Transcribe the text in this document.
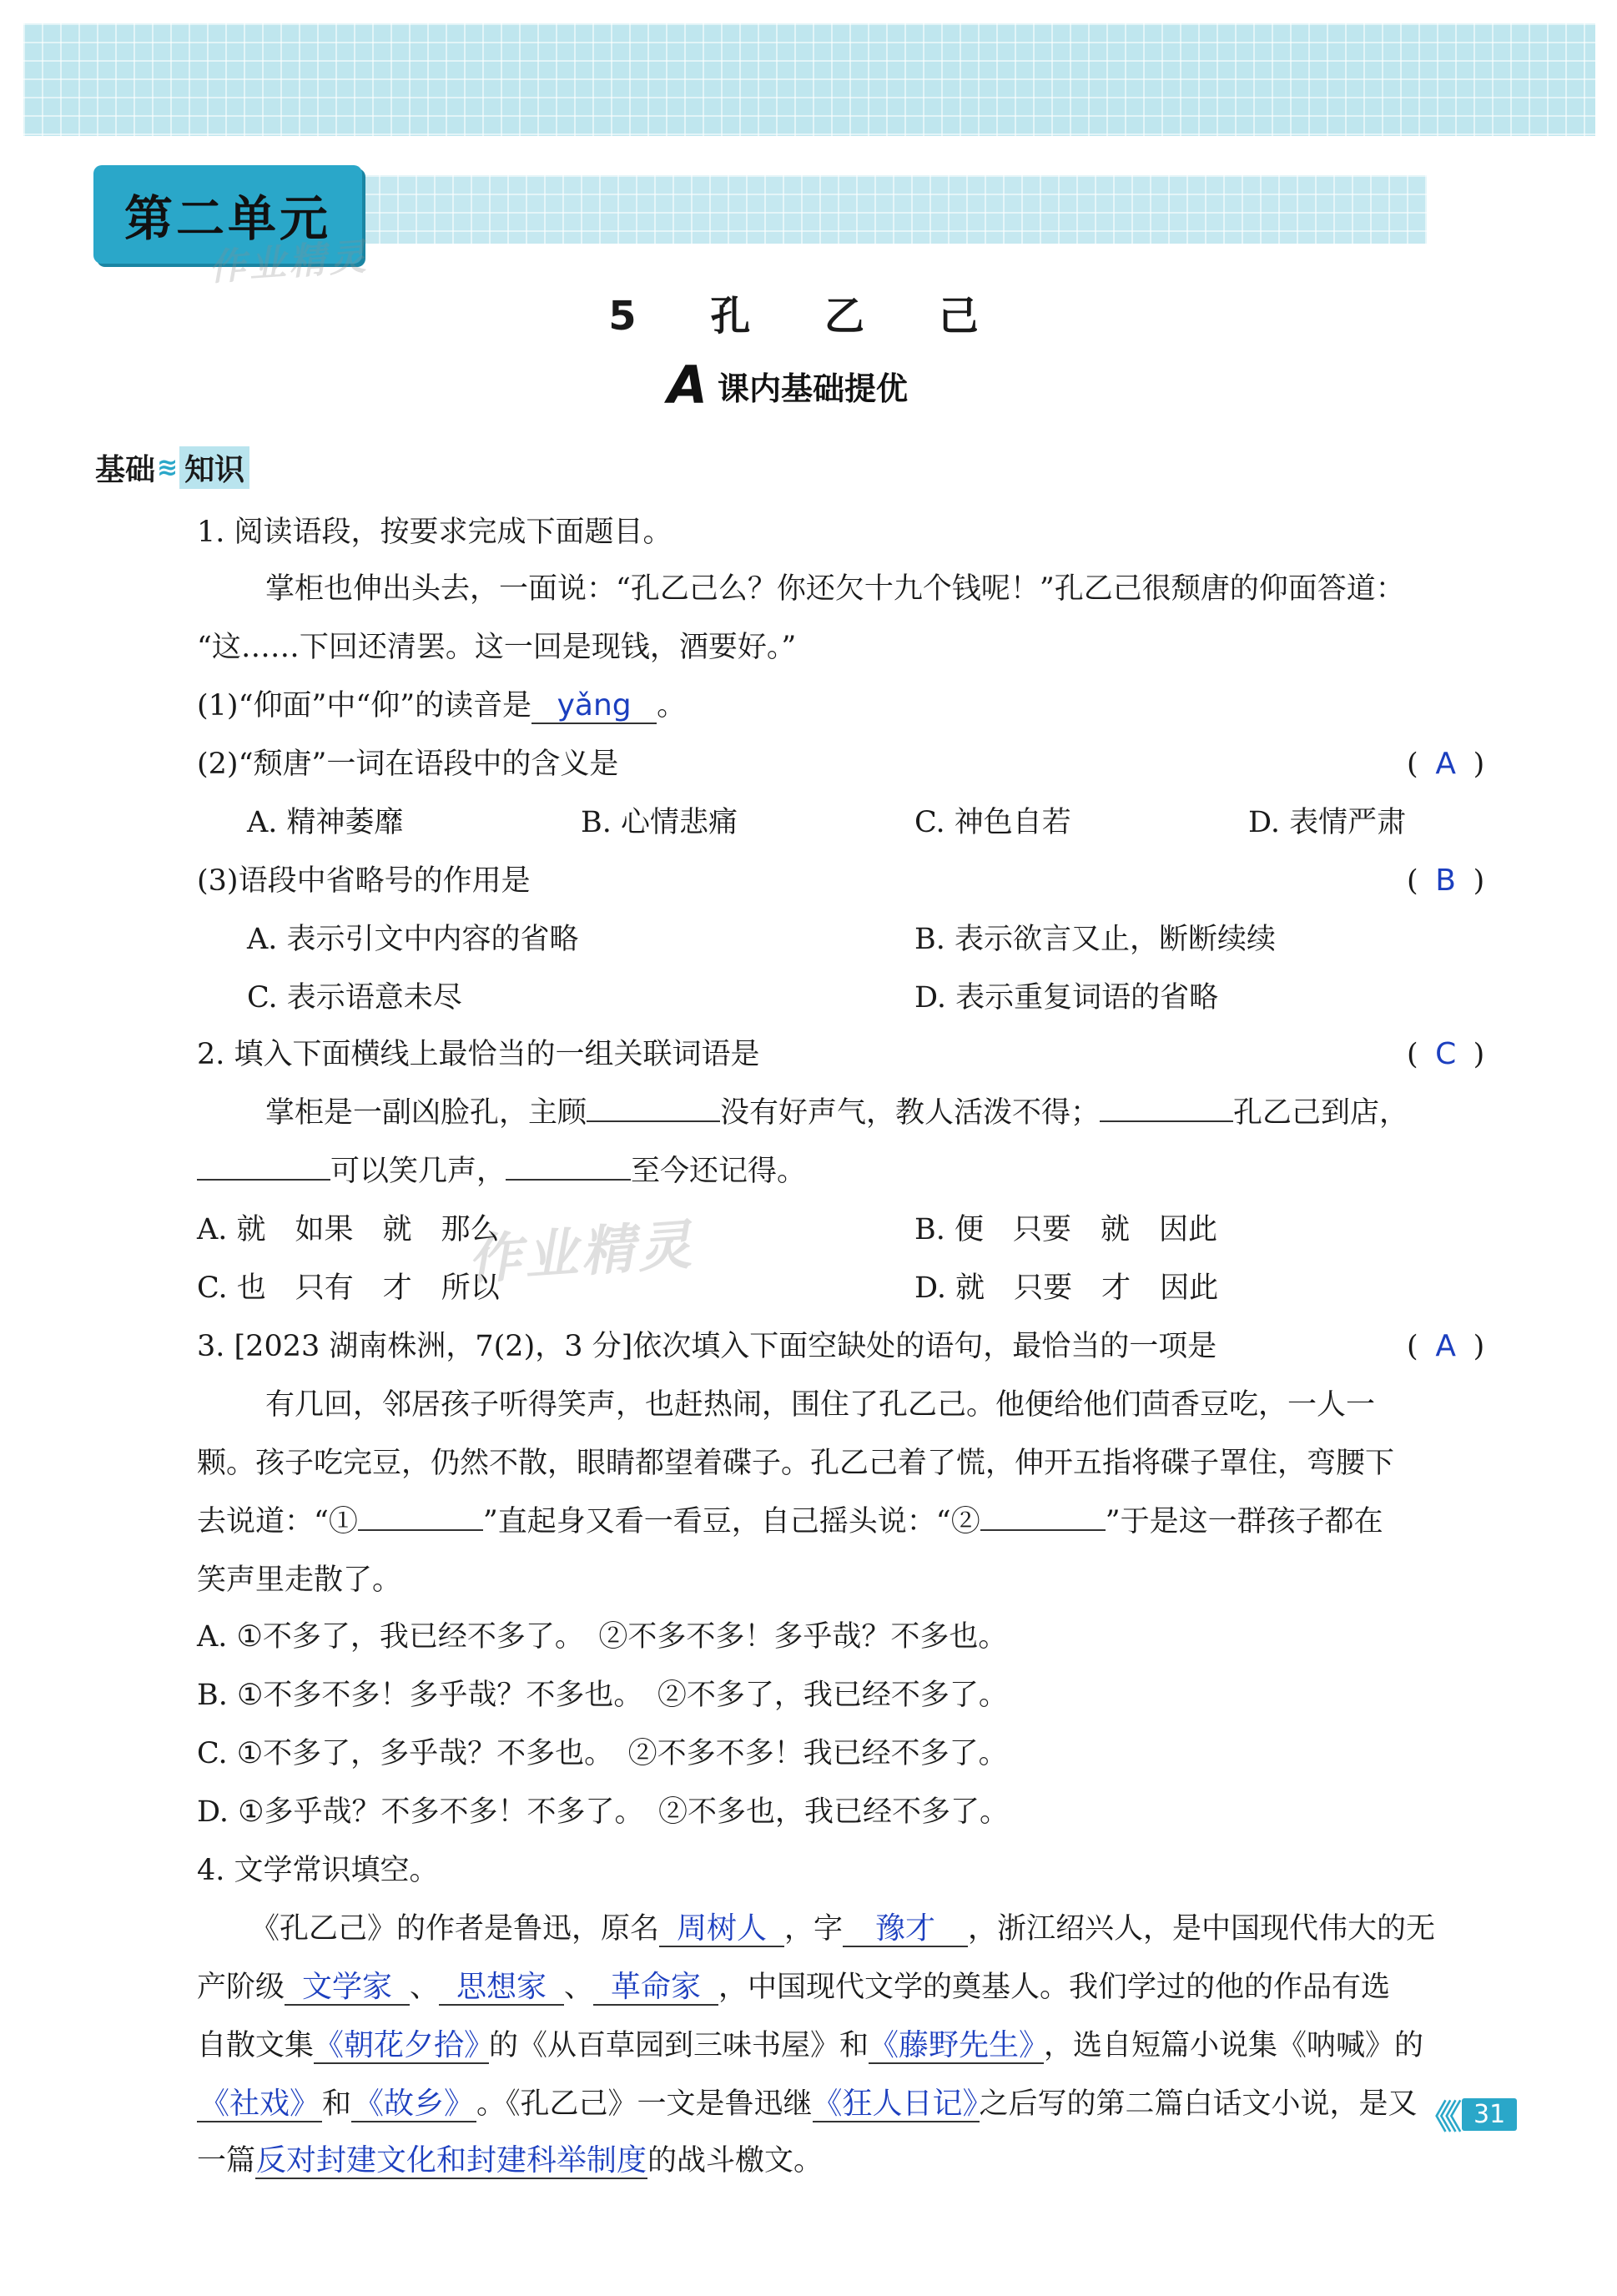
第二单元
作业精灵
作业精灵
5 孔 乙 己
A 课内基础提优
基础 ≋ 知识
1. 阅读语段，按要求完成下面题目。
掌柜也伸出头去，一面说：“孔乙己么？你还欠十九个钱呢！”孔乙己很颓唐的仰面答道：
“这……下回还清罢。这一回是现钱，酒要好。”
(1)“仰面”中“仰”的读音是 yǎng 。
(2)“颓唐”一词在语段中的含义是	( A )
A. 精神萎靡	B. 心情悲痛	C. 神色自若	D. 表情严肃
(3)语段中省略号的作用是	( B )
A. 表示引文中内容的省略	B. 表示欲言又止，断断续续
C. 表示语意未尽	D. 表示重复词语的省略
2. 填入下面横线上最恰当的一组关联词语是	( C )
掌柜是一副凶脸孔，主顾	没有好声气，教人活泼不得；	孔乙己到店，
可以笑几声，	至今还记得。
A. 就　如果　就　那么	B. 便　只要　就　因此
C. 也　只有　才　所以	D. 就　只要　才　因此
3. [2023 湖南株洲，7(2)，3 分]依次填入下面空缺处的语句，最恰当的一项是	( A )
有几回，邻居孩子听得笑声，也赶热闹，围住了孔乙己。他便给他们茴香豆吃，一人一
颗。孩子吃完豆，仍然不散，眼睛都望着碟子。孔乙己着了慌，伸开五指将碟子罩住，弯腰下
去说道：“①	”直起身又看一看豆，自己摇头说：“②	”于是这一群孩子都在
笑声里走散了。
A. ①不多了，我已经不多了。　②不多不多！多乎哉？不多也。
B. ①不多不多！多乎哉？不多也。　②不多了，我已经不多了。
C. ①不多了，多乎哉？不多也。　②不多不多！我已经不多了。
D. ①多乎哉？不多不多！不多了。　②不多也，我已经不多了。
4. 文学常识填空。
《孔乙己》的作者是鲁迅，原名 周树人 ，字 豫才 ，浙江绍兴人，是中国现代伟大的无
产阶级 文学家 、 思想家 、 革命家 ，中国现代文学的奠基人。我们学过的他的作品有选
自散文集《朝花夕拾》的《从百草园到三味书屋》和《藤野先生》，选自短篇小说集《呐喊》的
《社戏》和《故乡》。《孔乙己》一文是鲁迅继《狂人日记》之后写的第二篇白话文小说，是又
一篇反对封建文化和封建科举制度的战斗檄文。
《《 31
